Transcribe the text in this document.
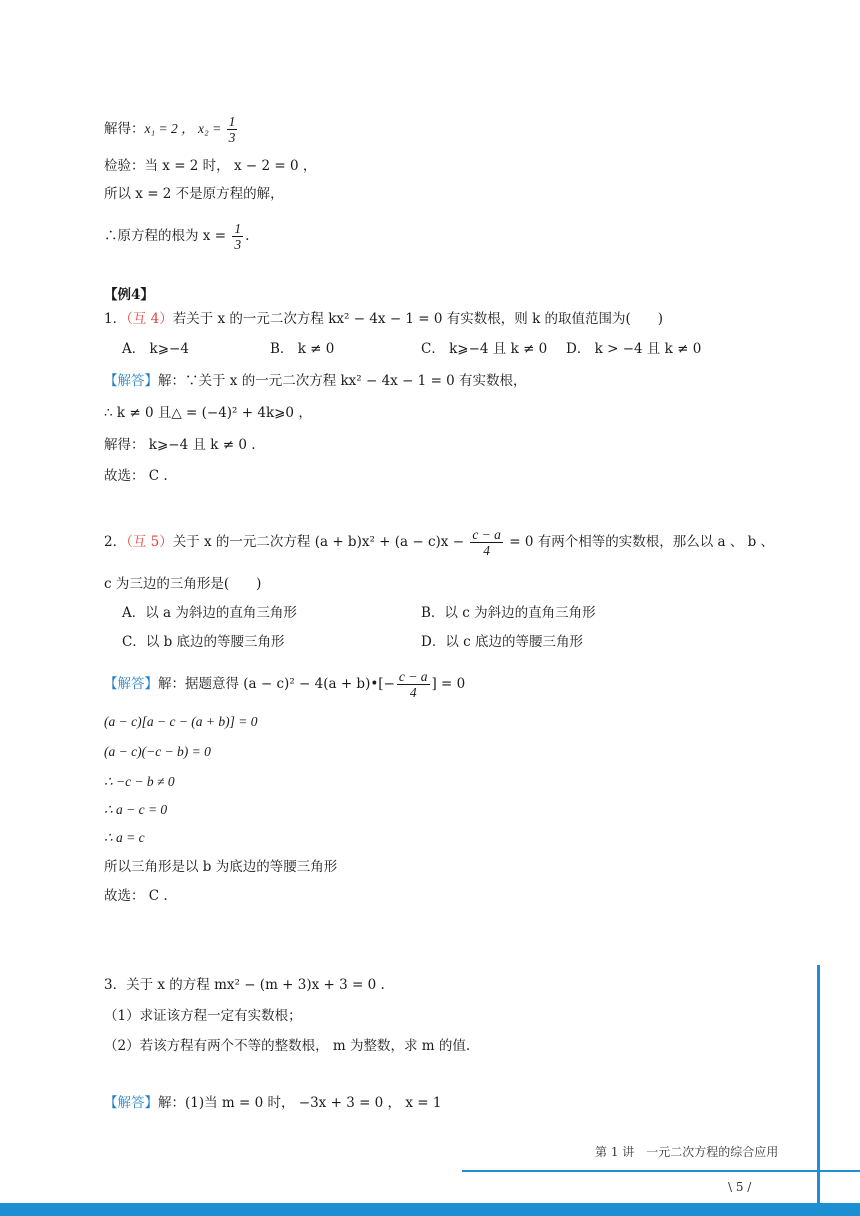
解得：x₁ = 2 ， $x_2 = \frac{1}{3}$
检验：当 x = 2 时， x − 2 = 0 ，
所以 x = 2 不是原方程的解，
∴原方程的根为 $x = \frac{1}{3}$ .
【例4】
1．（互 4）若关于 x 的一元二次方程 kx² − 4x − 1 = 0 有实数根，则 k 的取值范围为(　　)
A． k⩾−4	B． k ≠ 0	C． k⩾−4 且 k ≠ 0 D． k > −4 且 k ≠ 0
【解答】解：∵关于 x 的一元二次方程 kx² − 4x − 1 = 0 有实数根，
∴ k ≠ 0 且△ = (−4)² + 4k⩾0 ，
解得： k⩾−4 且 k ≠ 0 .
故选： C .
2．（互 5）关于 x 的一元二次方程 $(a + b)x^2 + (a - c)x - \frac{c - a}{4} = 0$ 有两个相等的实数根，那么以 a 、 b 、
c 为三边的三角形是(　　)
A．以 a 为斜边的直角三角形	B．以 c 为斜边的直角三角形
C．以 b 底边的等腰三角形	D．以 c 底边的等腰三角形
【解答】解：据题意得 (a − c)² − 4(a + b)•[− $\frac{c - a}{4}$ ] = 0
(a − c)[a − c − (a + b)] = 0
(a − c)(−c − b) = 0
∴ −c − b ≠ 0
∴ a − c = 0
∴ a = c
所以三角形是以 b 为底边的等腰三角形
故选： C .
3．关于 x 的方程 mx² − (m + 3)x + 3 = 0 .
（1）求证该方程一定有实数根；
（2）若该方程有两个不等的整数根， m 为整数，求 m 的值.
【解答】解：(1)当 m = 0 时， −3x + 3 = 0 ， x = 1
第 1 讲　一元二次方程的综合应用
\ 5 /
